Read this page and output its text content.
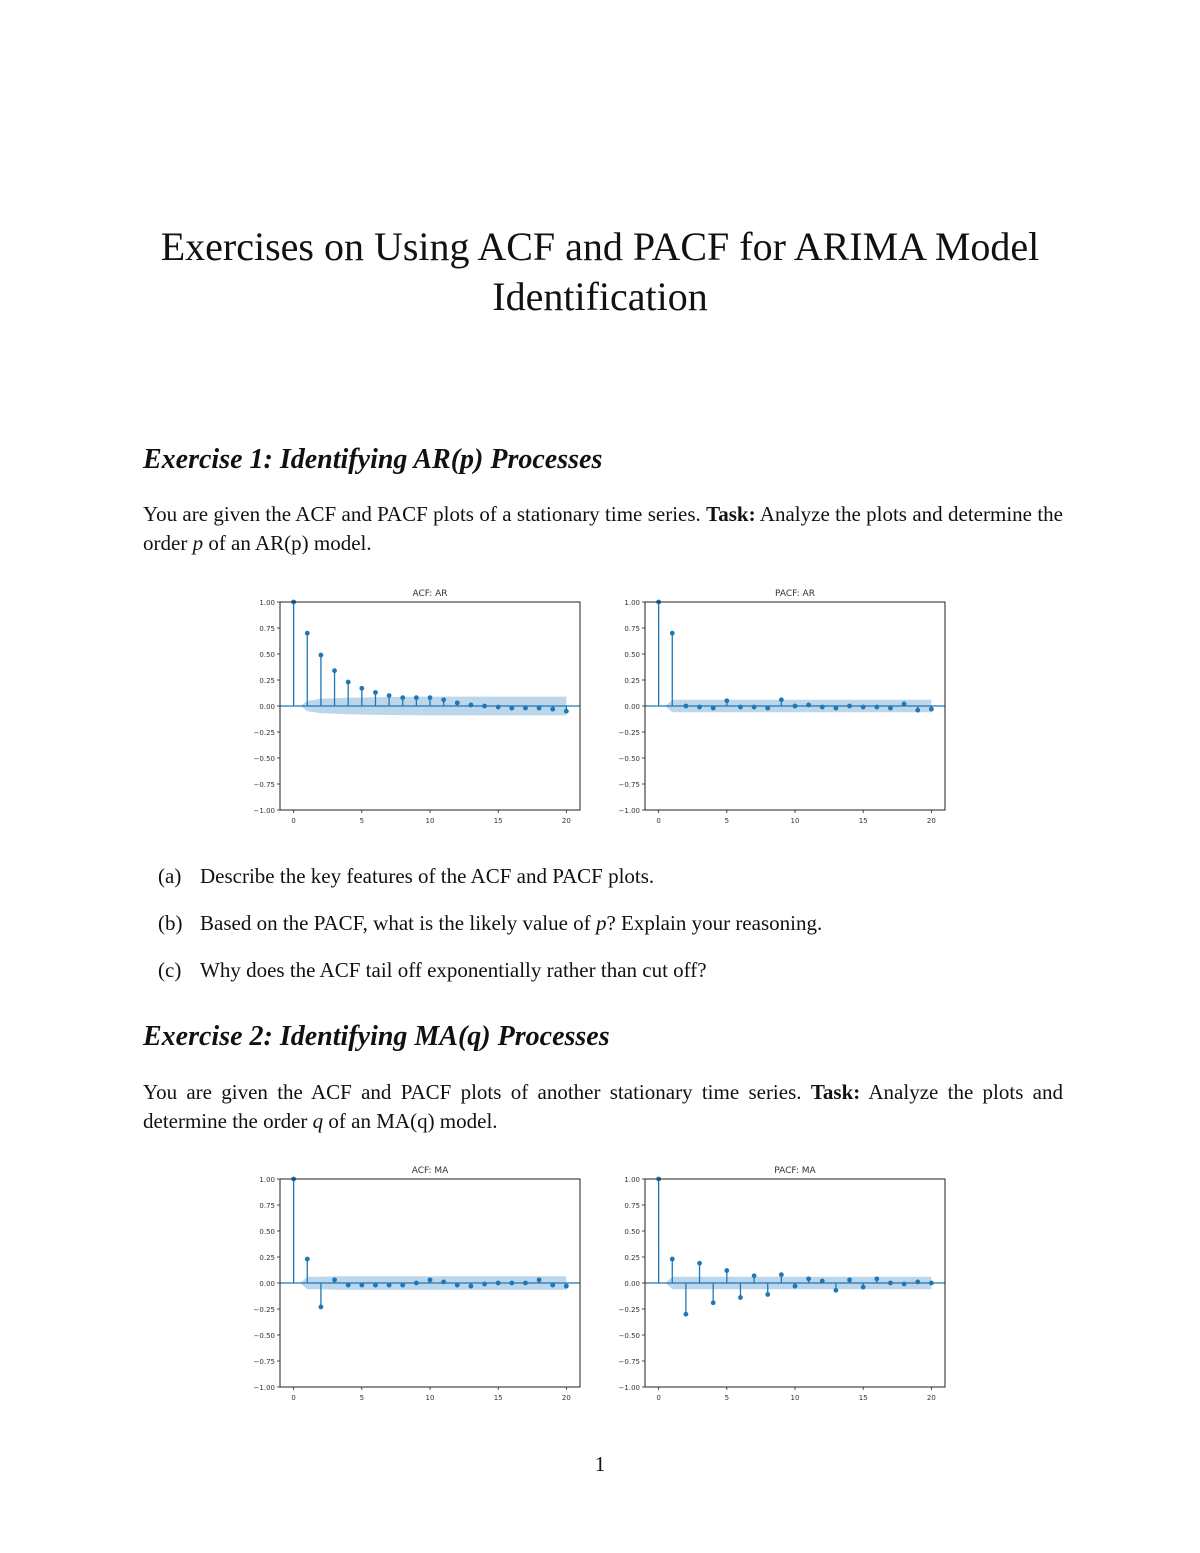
Exercises on Using ACF and PACF for ARIMA Model
Identification
Exercise 1: Identifying AR(p) Processes

You are given the ACF and PACF plots of a stationary time series. Task: Analyze the plots and determine the order p of an AR(p) model.

ACF: AR
1.00
0.75
0.50
0.25
0.00
−0.25
−0.50
−0.75
−1.00
0	5	10	15	20
PACF: AR
1.00
0.75
0.50
0.25
0.00
−0.25
−0.50
−0.75
−1.00
0	5	10	15	20
(a) Describe the key features of the ACF and PACF plots.
(b) Based on the PACF, what is the likely value of p? Explain your reasoning.
(c) Why does the ACF tail off exponentially rather than cut off?
Exercise 2: Identifying MA(q) Processes

You are given the ACF and PACF plots of another stationary time series. Task: Analyze the plots and determine the order q of an MA(q) model.

ACF: MA
1.00
0.75
0.50
0.25
0.00
−0.25
−0.50
−0.75
−1.00
0	5	10	15	20
PACF: MA
1.00
0.75
0.50
0.25
0.00
−0.25
−0.50
−0.75
−1.00
0	5	10	15	20
1
